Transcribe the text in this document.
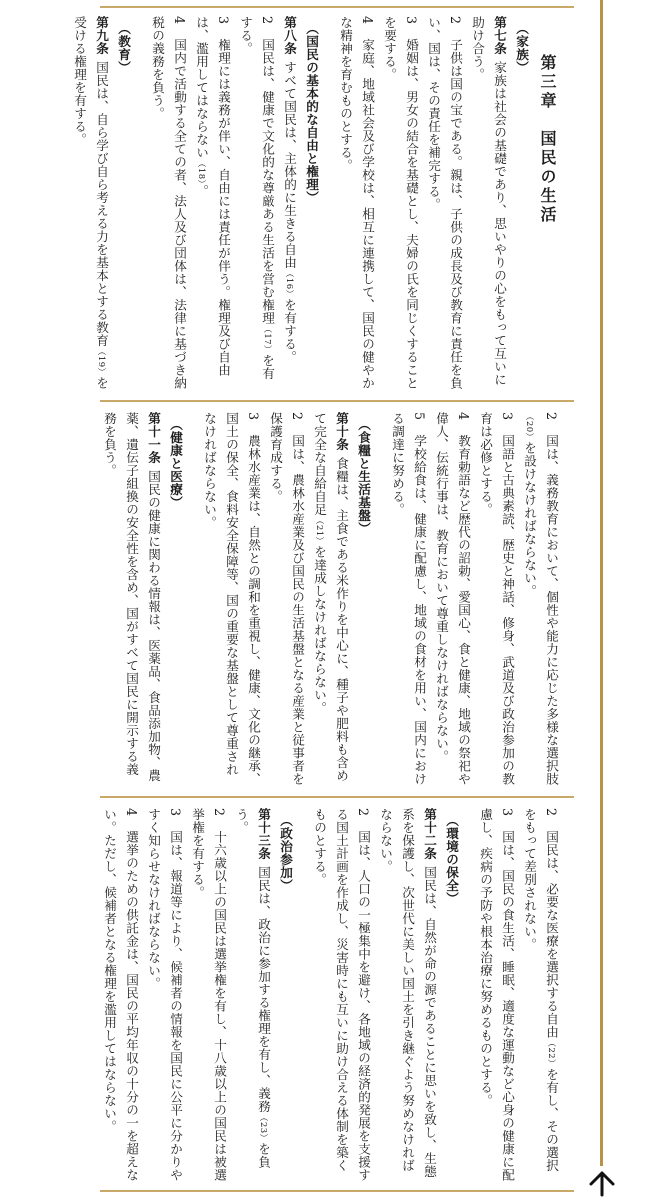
第三章　国民の生活
（家族）
第七条家族は社会の基礎であり、思いやりの心をもって互いに助け合う。
2子供は国の宝である。親は、子供の成長及び教育に責任を負い、国は、その責任を補完する。
3婚姻は、男女の結合を基礎とし、夫婦の氏を同じくすることを要する。
4家庭、地域社会及び学校は、相互に連携して、国民の健やかな精神を育むものとする。
（国民の基本的な自由と権理）
第八条すべて国民は、主体的に生きる自由（16）を有する。
2国民は、健康で文化的な尊厳ある生活を営む権理（17）を有する。
3権理には義務が伴い、自由には責任が伴う。権理及び自由は、濫用してはならない（18）。
4国内で活動する全ての者、法人及び団体は、法律に基づき納税の義務を負う。
（教育）
第九条国民は、自ら学び自ら考える力を基本とする教育（19）を受ける権理を有する。
2国は、義務教育において、個性や能力に応じた多様な選択肢（20）を設けなければならない。
3国語と古典素読、歴史と神話、修身、武道及び政治参加の教育は必修とする。
4教育勅語など歴代の詔勅、愛国心、食と健康、地域の祭祀や偉人、伝統行事は、教育において尊重しなければならない。
5学校給食は、健康に配慮し、地域の食材を用い、国内における調達に努める。
（食糧と生活基盤）
第十条食糧は、主食である米作りを中心に、種子や肥料も含めて完全な自給自足（21）を達成しなければならない。
2国は、農林水産業及び国民の生活基盤となる産業と従事者を保護育成する。
3農林水産業は、自然との調和を重視し、健康、文化の継承、国土の保全、食料安全保障等、国の重要な基盤として尊重されなければならない。
（健康と医療）
第十一条国民の健康に関わる情報は、医薬品、食品添加物、農薬、遺伝子組換の安全性を含め、国がすべて国民に開示する義務を負う。
2国民は、必要な医療を選択する自由（22）を有し、その選択をもって差別されない。
3国は、国民の食生活、睡眠、適度な運動など心身の健康に配慮し、疾病の予防や根本治療に努めるものとする。
（環境の保全）
第十二条国民は、自然が命の源であることに思いを致し、生態系を保護し、次世代に美しい国土を引き継ぐよう努めなければならない。
2国は、人口の一極集中を避け、各地域の経済的発展を支援する国土計画を作成し、災害時にも互いに助け合える体制を築くものとする。
（政治参加）
第十三条国民は、政治に参加する権理を有し、義務（23）を負う。
2十六歳以上の国民は選挙権を有し、十八歳以上の国民は被選挙権を有する。
3国は、報道等により、候補者の情報を国民に公平に分かりやすく知らせなければならない。
4選挙のための供託金は、国民の平均年収の十分の一を超えない。ただし、候補者となる権理を濫用してはならない。
